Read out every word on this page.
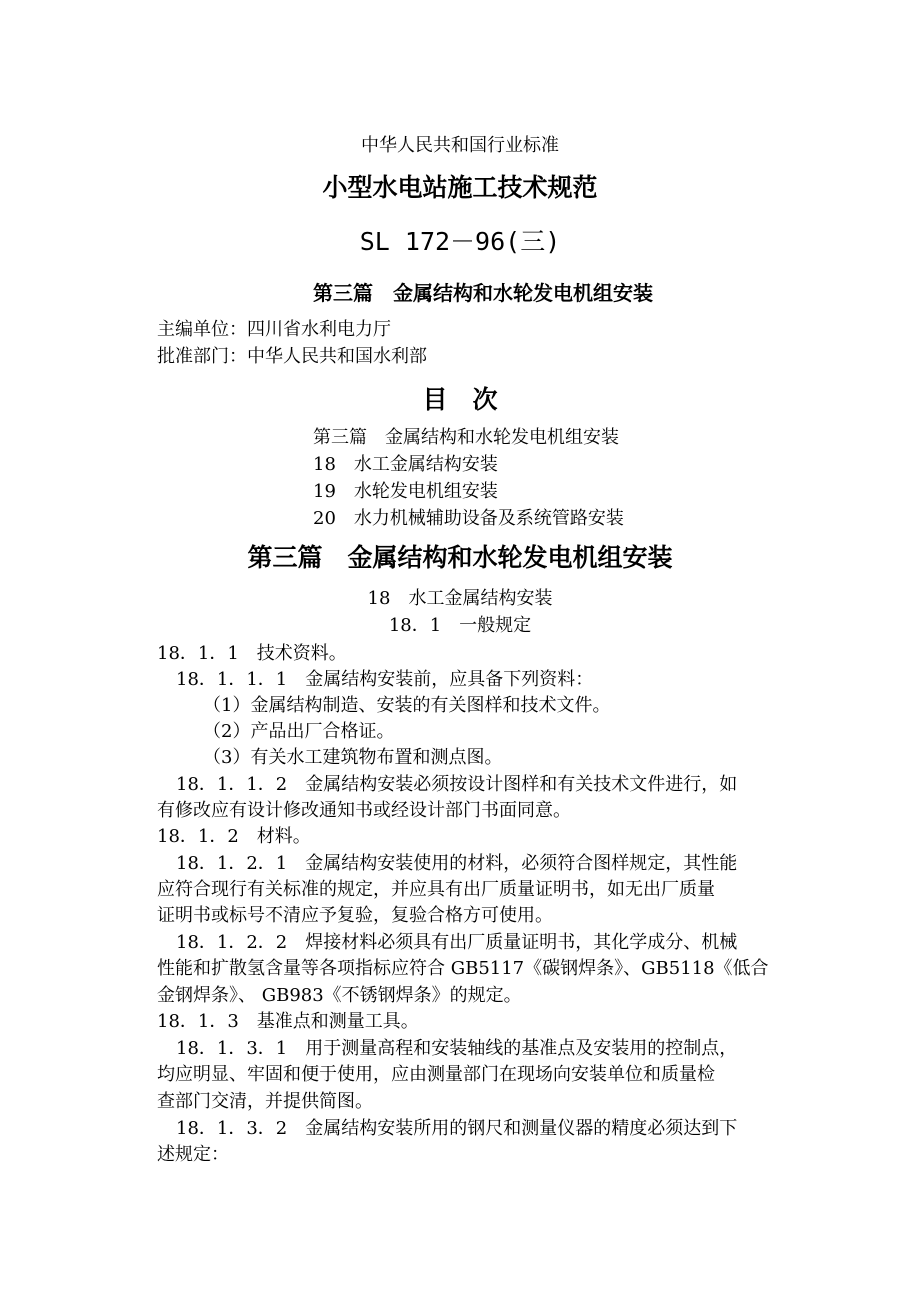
中华人民共和国行业标准
小型水电站施工技术规范
SL 172－96(三)
第三篇　金属结构和水轮发电机组安装
主编单位：四川省水利电力厅
批准部门：中华人民共和国水利部
目　次
第三篇　金属结构和水轮发电机组安装
18　水工金属结构安装
19　水轮发电机组安装
20　水力机械辅助设备及系统管路安装
第三篇　金属结构和水轮发电机组安装
18　水工金属结构安装
18．1　一般规定
18．1．1　技术资料。
18．1．1．1　金属结构安装前，应具备下列资料：
（1）金属结构制造、安装的有关图样和技术文件。
（2）产品出厂合格证。
（3）有关水工建筑物布置和测点图。
18．1．1．2　金属结构安装必须按设计图样和有关技术文件进行，如
有修改应有设计修改通知书或经设计部门书面同意。
18．1．2　材料。
18．1．2．1　金属结构安装使用的材料，必须符合图样规定，其性能
应符合现行有关标准的规定，并应具有出厂质量证明书，如无出厂质量
证明书或标号不清应予复验，复验合格方可使用。
18．1．2．2　焊接材料必须具有出厂质量证明书，其化学成分、机械
性能和扩散氢含量等各项指标应符合 GB5117《碳钢焊条》、GB5118《低合
金钢焊条》、 GB983《不锈钢焊条》的规定。
18．1．3　基准点和测量工具。
18．1．3．1　用于测量高程和安装轴线的基准点及安装用的控制点，
均应明显、牢固和便于使用，应由测量部门在现场向安装单位和质量检
查部门交清，并提供简图。
18．1．3．2　金属结构安装所用的钢尺和测量仪器的精度必须达到下
述规定：
